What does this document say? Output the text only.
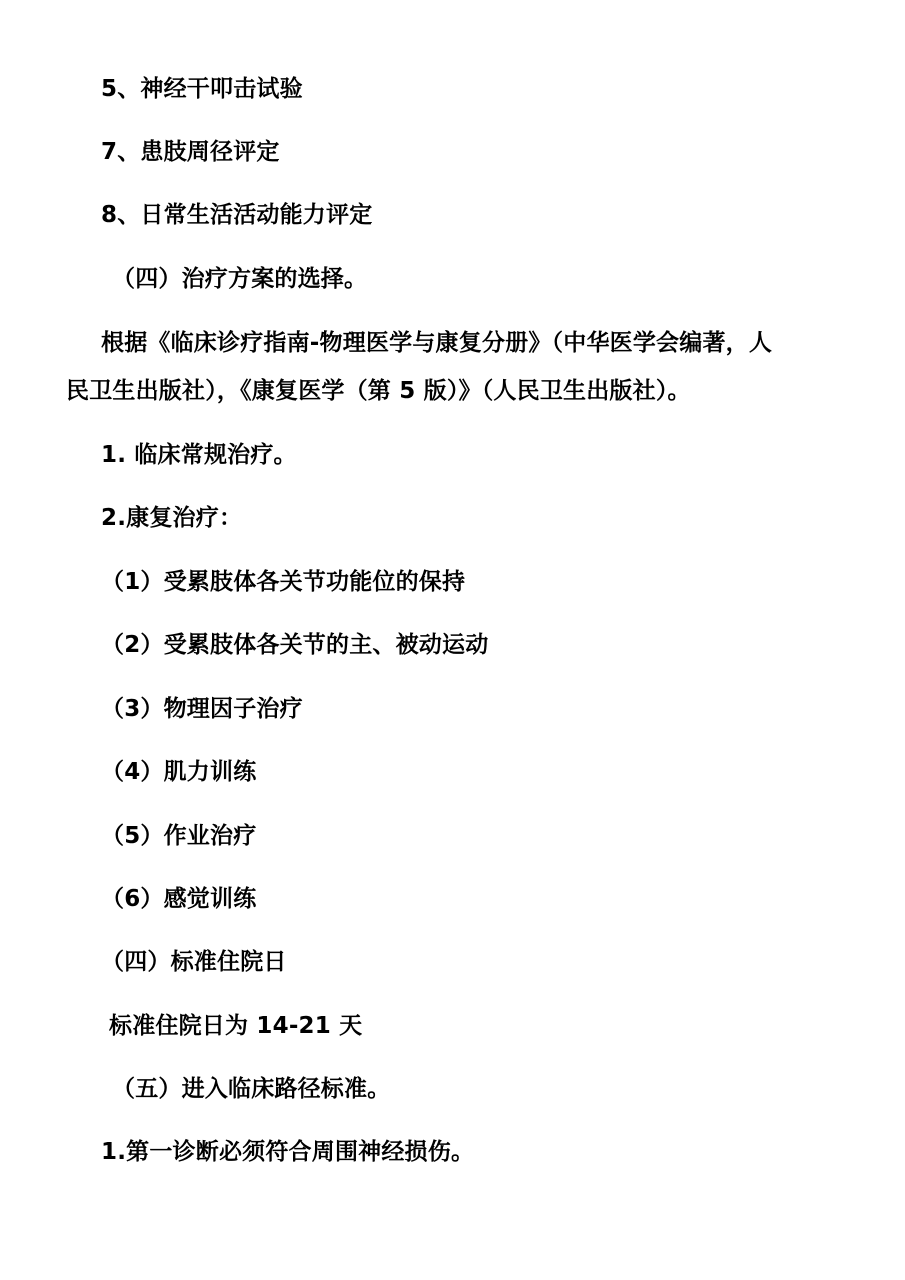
5、神经干叩击试验
7、患肢周径评定
8、日常生活活动能力评定
（四）治疗方案的选择。
根据《临床诊疗指南-物理医学与康复分册》（中华医学会编著，人
民卫生出版社），《康复医学（第 5 版）》（人民卫生出版社）。
1. 临床常规治疗。
2.康复治疗：
（1）受累肢体各关节功能位的保持
（2）受累肢体各关节的主、被动运动
（3）物理因子治疗
（4）肌力训练
（5）作业治疗
（6）感觉训练
（四）标准住院日
标准住院日为 14-21 天
（五）进入临床路径标准。
1.第一诊断必须符合周围神经损伤。
